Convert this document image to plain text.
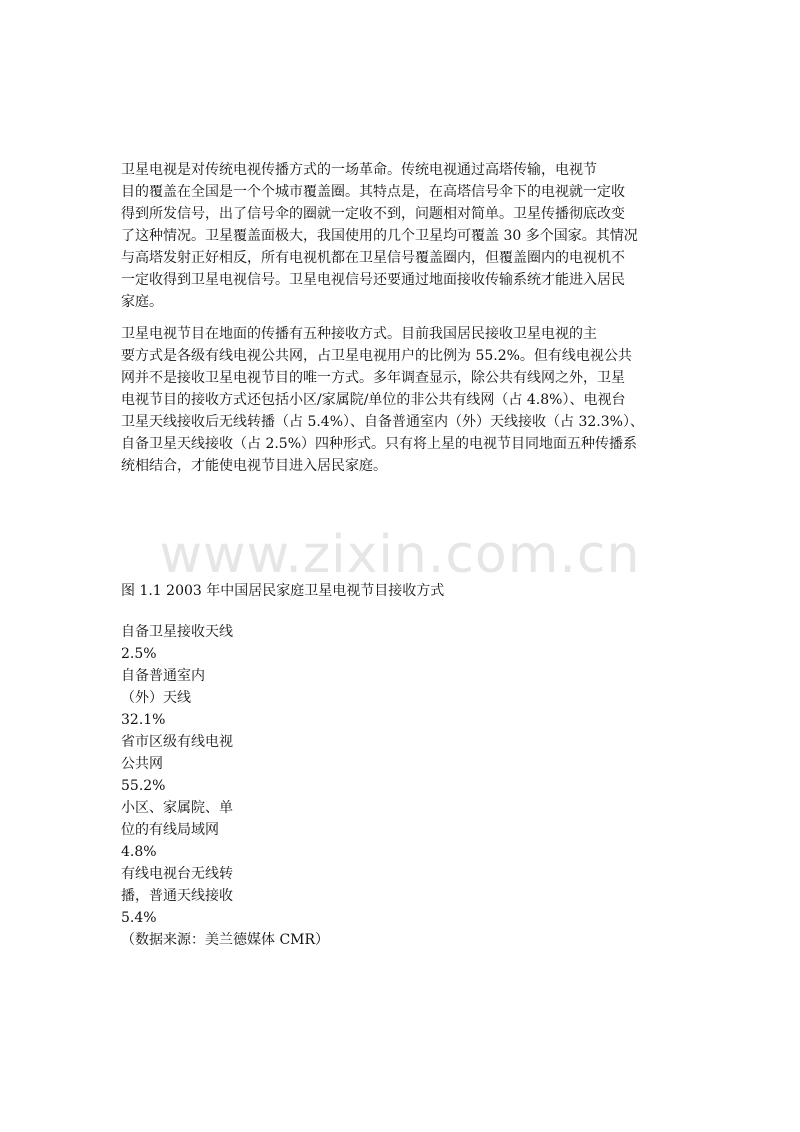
卫星电视是对传统电视传播方式的一场革命。传统电视通过高塔传输，电视节
目的覆盖在全国是一个个城市覆盖圈。其特点是，在高塔信号伞下的电视就一定收
得到所发信号，出了信号伞的圈就一定收不到，问题相对简单。卫星传播彻底改变
了这种情况。卫星覆盖面极大，我国使用的几个卫星均可覆盖 30 多个国家。其情况
与高塔发射正好相反，所有电视机都在卫星信号覆盖圈内，但覆盖圈内的电视机不
一定收得到卫星电视信号。卫星电视信号还要通过地面接收传输系统才能进入居民
家庭。
卫星电视节目在地面的传播有五种接收方式。目前我国居民接收卫星电视的主
要方式是各级有线电视公共网，占卫星电视用户的比例为 55.2%。但有线电视公共
网并不是接收卫星电视节目的唯一方式。多年调查显示，除公共有线网之外，卫星
电视节目的接收方式还包括小区/家属院/单位的非公共有线网（占 4.8%）、电视台
卫星天线接收后无线转播（占 5.4%）、自备普通室内（外）天线接收（占 32.3%）、
自备卫星天线接收（占 2.5%）四种形式。只有将上星的电视节目同地面五种传播系
统相结合，才能使电视节目进入居民家庭。
www.zixin.com.cn
图 1.1 2003 年中国居民家庭卫星电视节目接收方式
自备卫星接收天线
2.5%
自备普通室内
（外）天线
32.1%
省市区级有线电视
公共网
55.2%
小区、家属院、单
位的有线局域网
4.8%
有线电视台无线转
播，普通天线接收
5.4%
（数据来源：美兰德媒体 CMR）
